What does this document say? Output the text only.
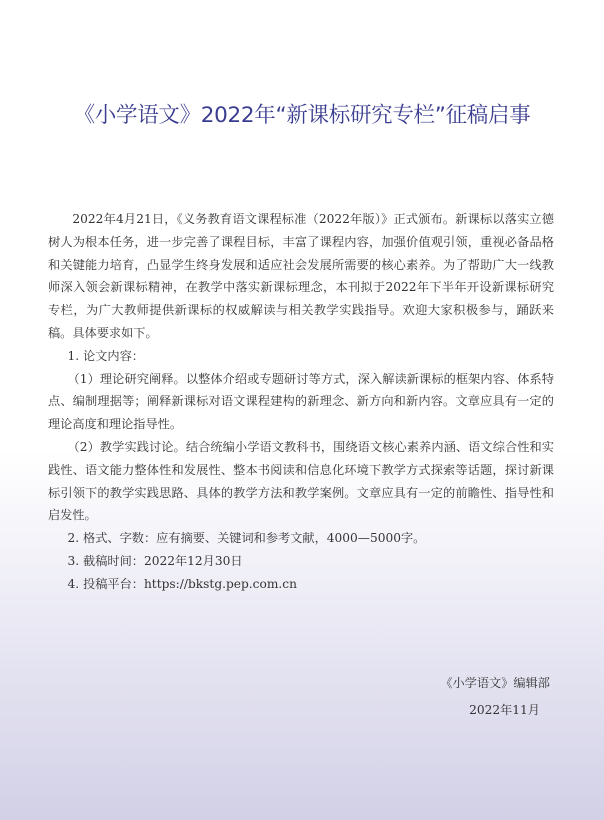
《小学语文》2022年“新课标研究专栏”征稿启事

2022年4月21日，《义务教育语文课程标准（2022年版）》正式颁布。新课标以落实立德树人为根本任务，进一步完善了课程目标，丰富了课程内容，加强价值观引领，重视必备品格和关键能力培育，凸显学生终身发展和适应社会发展所需要的核心素养。为了帮助广大一线教师深入领会新课标精神，在教学中落实新课标理念，本刊拟于2022年下半年开设新课标研究专栏，为广大教师提供新课标的权威解读与相关教学实践指导。欢迎大家积极参与，踊跃来稿。具体要求如下。

1. 论文内容：

（1）理论研究阐释。以整体介绍或专题研讨等方式，深入解读新课标的框架内容、体系特点、编制理据等；阐释新课标对语文课程建构的新理念、新方向和新内容。文章应具有一定的理论高度和理论指导性。

（2）教学实践讨论。结合统编小学语文教科书，围绕语文核心素养内涵、语文综合性和实践性、语文能力整体性和发展性、整本书阅读和信息化环境下教学方式探索等话题，探讨新课标引领下的教学实践思路、具体的教学方法和教学案例。文章应具有一定的前瞻性、指导性和启发性。

2. 格式、字数：应有摘要、关键词和参考文献，4000—5000字。

3. 截稿时间：2022年12月30日

4. 投稿平台：https://bkstg.pep.com.cn

《小学语文》编辑部
2022年11月
